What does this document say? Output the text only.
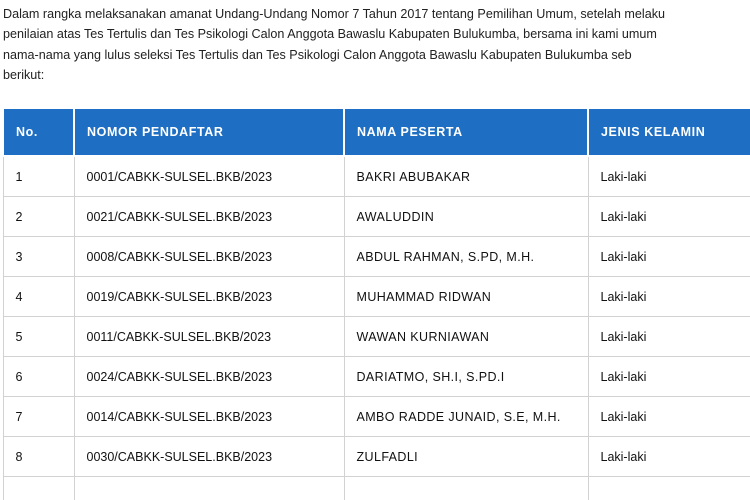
Dalam rangka melaksanakan amanat Undang-Undang Nomor 7 Tahun 2017 tentang Pemilihan Umum, setelah melaku

penilaian atas Tes Tertulis dan Tes Psikologi Calon Anggota Bawaslu Kabupaten Bulukumba, bersama ini kami umum

nama-nama yang lulus seleksi Tes Tertulis dan Tes Psikologi Calon Anggota Bawaslu Kabupaten Bulukumba seb

berikut:

No.	NOMOR PENDAFTAR	NAMA PESERTA	JENIS KELAMIN
1	0001/CABKK-SULSEL.BKB/2023	BAKRI ABUBAKAR	Laki-laki
2	0021/CABKK-SULSEL.BKB/2023	AWALUDDIN	Laki-laki
3	0008/CABKK-SULSEL.BKB/2023	ABDUL RAHMAN, S.PD, M.H.	Laki-laki
4	0019/CABKK-SULSEL.BKB/2023	MUHAMMAD RIDWAN	Laki-laki
5	0011/CABKK-SULSEL.BKB/2023	WAWAN KURNIAWAN	Laki-laki
6	0024/CABKK-SULSEL.BKB/2023	DARIATMO, SH.I, S.PD.I	Laki-laki
7	0014/CABKK-SULSEL.BKB/2023	AMBO RADDE JUNAID, S.E, M.H.	Laki-laki
8	0030/CABKK-SULSEL.BKB/2023	ZULFADLI	Laki-laki
